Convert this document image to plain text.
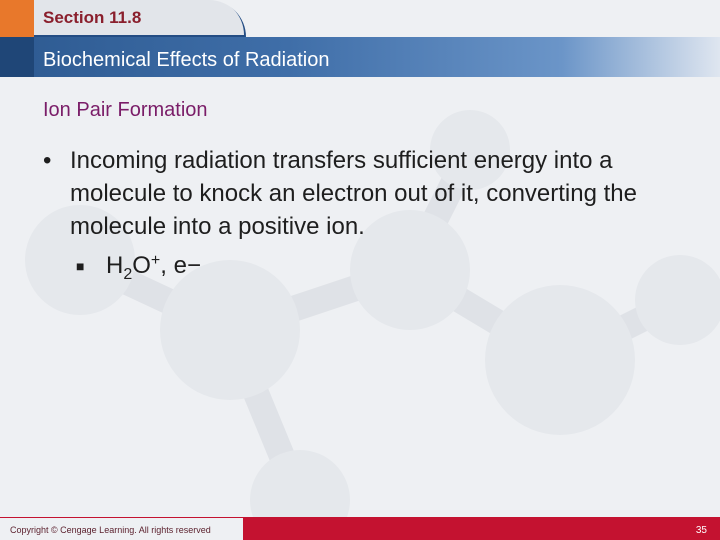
Section 11.8
Biochemical Effects of Radiation
Ion Pair Formation
• Incoming radiation transfers sufficient energy into a molecule to knock an electron out of it, converting the molecule into a positive ion.
■ $H_2O^+$, e−
Copyright © Cengage Learning. All rights reserved	35
